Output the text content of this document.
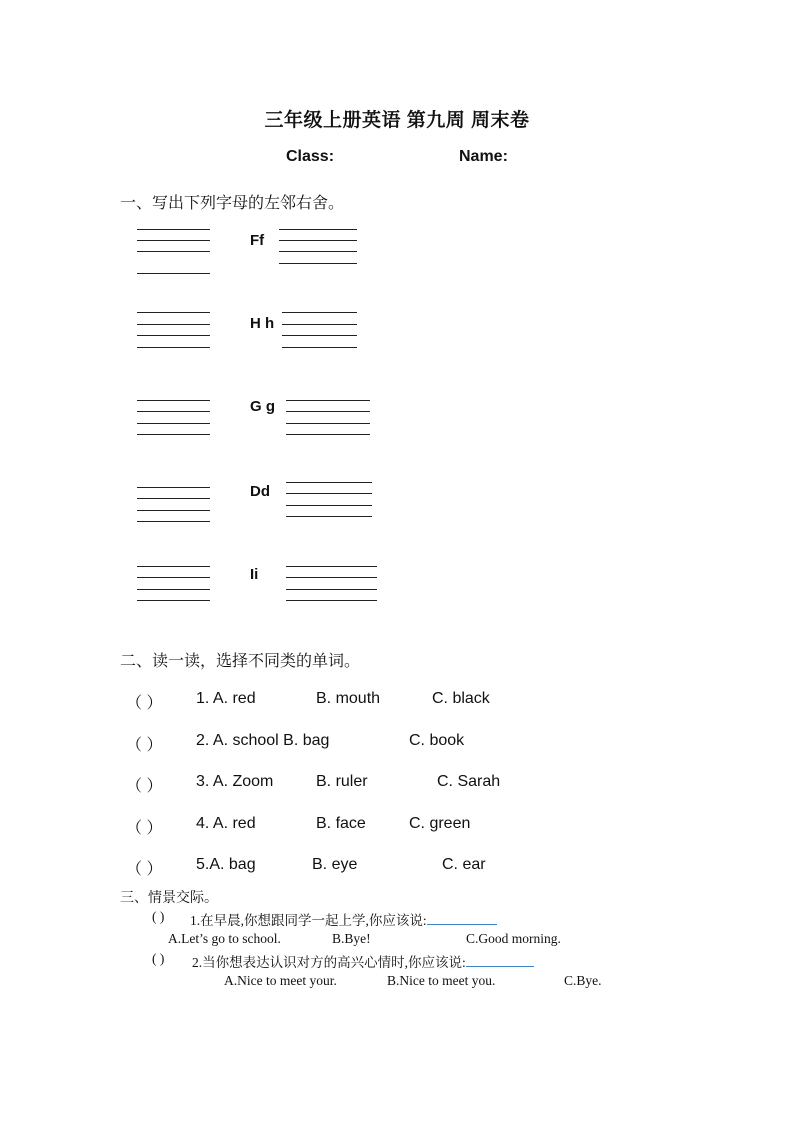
三年级上册英语 第九周 周末卷
Class:	Name:
一、写出下列字母的左邻右舍。
Ff
H h
G g
Dd
Ii
二、读一读，选择不同类的单词。
（ ） 1. A. red	B. mouth	C. black
（ ） 2. A. school B. bag	C. book
（ ） 3. A. Zoom	B. ruler	C. Sarah
（ ） 4. A. red	B. face	C. green
（ ） 5.A. bag	B. eye	C. ear
三、情景交际。
( ) 1.在早晨,你想跟同学一起上学,你应该说:
A.Let’s go to school.	B.Bye!	C.Good morning.
( ) 2.当你想表达认识对方的高兴心情时,你应该说:
A.Nice to meet your.	B.Nice to meet you.	C.Bye.
